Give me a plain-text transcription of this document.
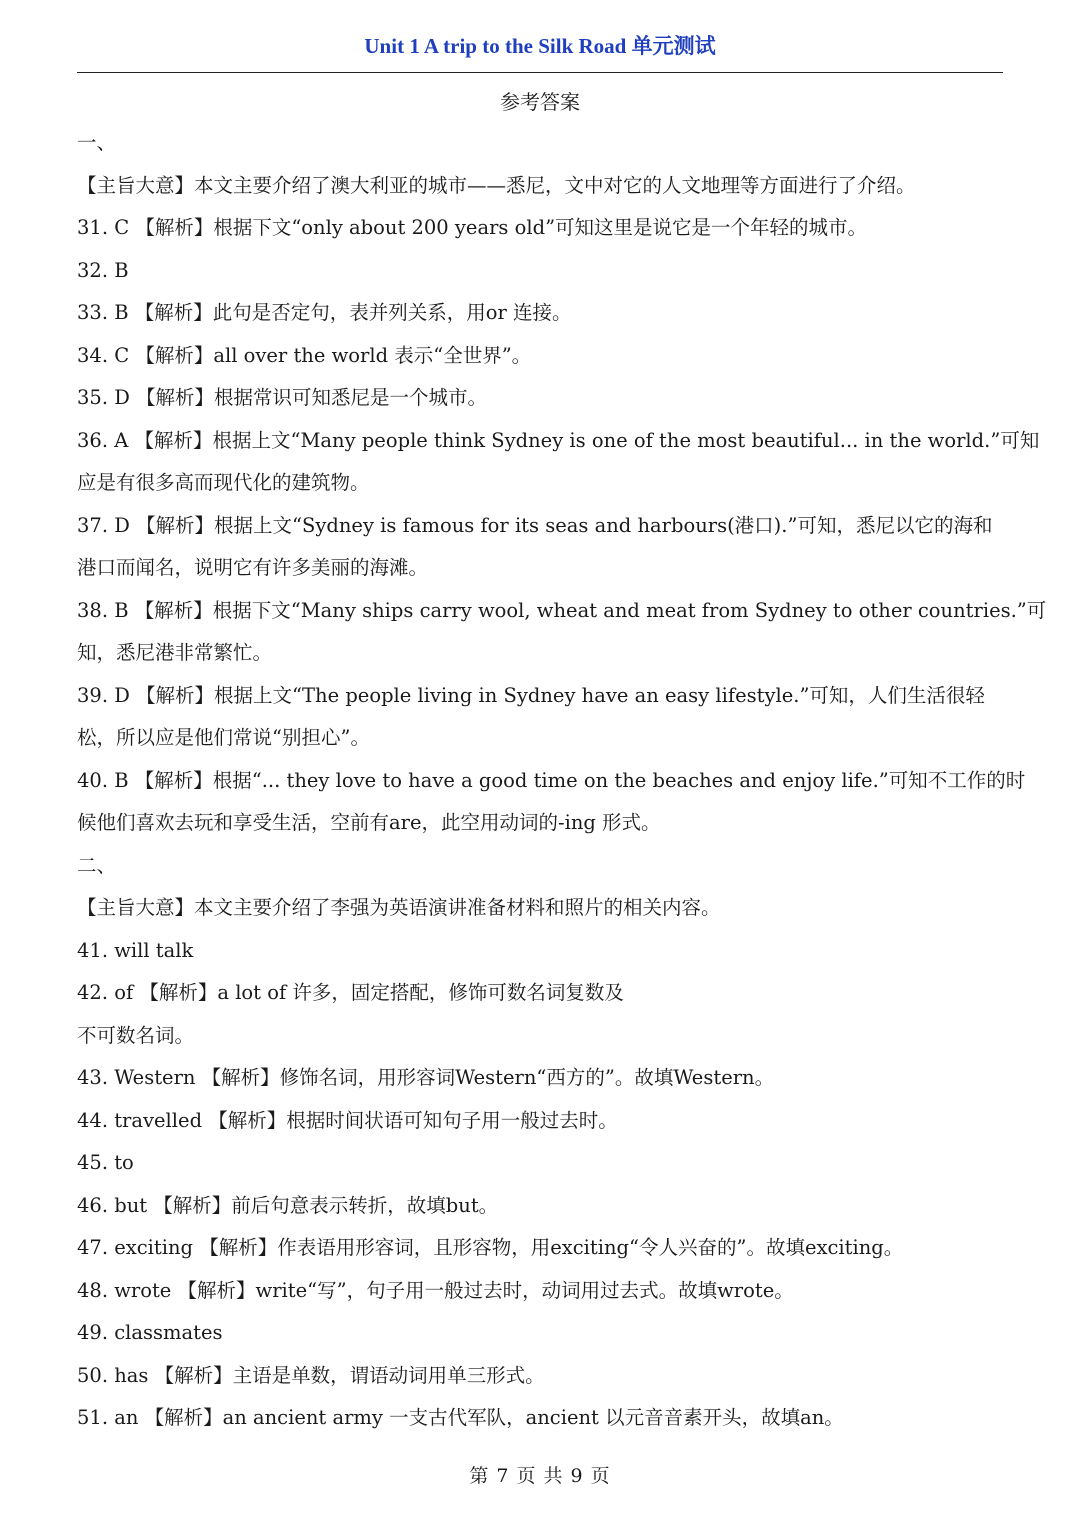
Unit 1 A trip to the Silk Road 单元测试
参考答案
一、
【主旨大意】本文主要介绍了澳大利亚的城市——悉尼，文中对它的人文地理等方面进行了介绍。
31. C 【解析】根据下文“only about 200 years old”可知这里是说它是一个年轻的城市。
32. B
33. B 【解析】此句是否定句，表并列关系，用or 连接。
34. C 【解析】all over the world 表示“全世界”。
35. D 【解析】根据常识可知悉尼是一个城市。
36. A 【解析】根据上文“Many people think Sydney is one of the most beautiful... in the world.”可知
应是有很多高而现代化的建筑物。
37. D 【解析】根据上文“Sydney is famous for its seas and harbours(港口).”可知，悉尼以它的海和
港口而闻名，说明它有许多美丽的海滩。
38. B 【解析】根据下文“Many ships carry wool, wheat and meat from Sydney to other countries.”可
知，悉尼港非常繁忙。
39. D 【解析】根据上文“The people living in Sydney have an easy lifestyle.”可知，人们生活很轻
松，所以应是他们常说“别担心”。
40. B 【解析】根据“... they love to have a good time on the beaches and enjoy life.”可知不工作的时
候他们喜欢去玩和享受生活，空前有are，此空用动词的-ing 形式。
二、
【主旨大意】本文主要介绍了李强为英语演讲准备材料和照片的相关内容。
41. will talk
42. of 【解析】a lot of 许多，固定搭配，修饰可数名词复数及
不可数名词。
43. Western 【解析】修饰名词，用形容词Western“西方的”。故填Western。
44. travelled 【解析】根据时间状语可知句子用一般过去时。
45. to
46. but 【解析】前后句意表示转折，故填but。
47. exciting 【解析】作表语用形容词，且形容物，用exciting“令人兴奋的”。故填exciting。
48. wrote 【解析】write“写”，句子用一般过去时，动词用过去式。故填wrote。
49. classmates
50. has 【解析】主语是单数，谓语动词用单三形式。
51. an 【解析】an ancient army 一支古代军队，ancient 以元音音素开头，故填an。
第 7 页 共 9 页
